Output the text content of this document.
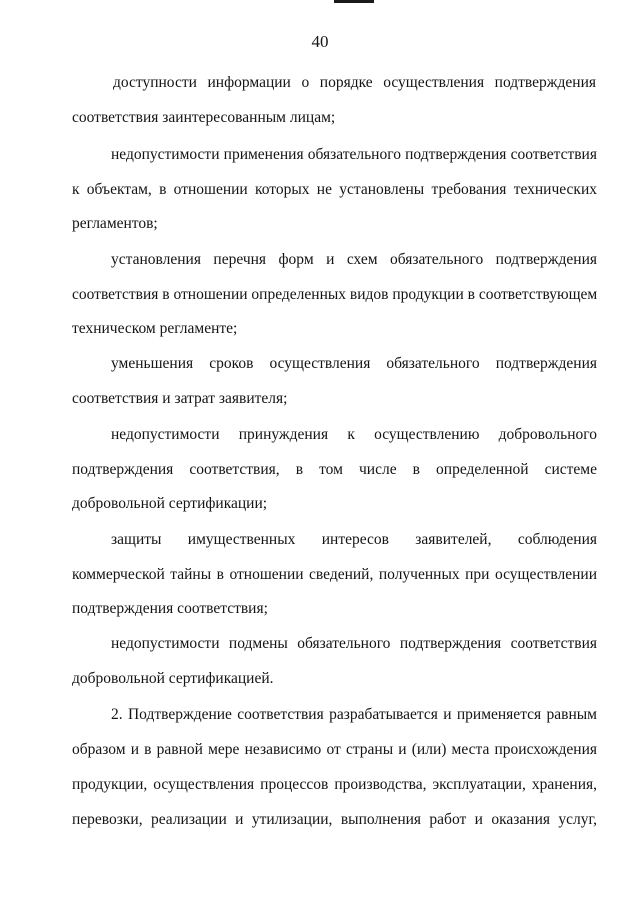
40
доступности информации о порядке осуществления подтверждения
соответствия заинтересованным лицам;
недопустимости применения обязательного подтверждения соответствия
к объектам, в отношении которых не установлены требования технических
регламентов;
установления перечня форм и схем обязательного подтверждения
соответствия в отношении определенных видов продукции в соответствующем
техническом регламенте;
уменьшения сроков осуществления обязательного подтверждения
соответствия и затрат заявителя;
недопустимости принуждения к осуществлению добровольного
подтверждения соответствия, в том числе в определенной системе
добровольной сертификации;
защиты имущественных интересов заявителей, соблюдения
коммерческой тайны в отношении сведений, полученных при осуществлении
подтверждения соответствия;
недопустимости подмены обязательного подтверждения соответствия
добровольной сертификацией.
2. Подтверждение соответствия разрабатывается и применяется равным
образом и в равной мере независимо от страны и (или) места происхождения
продукции, осуществления процессов производства, эксплуатации, хранения,
перевозки, реализации и утилизации, выполнения работ и оказания услуг,
